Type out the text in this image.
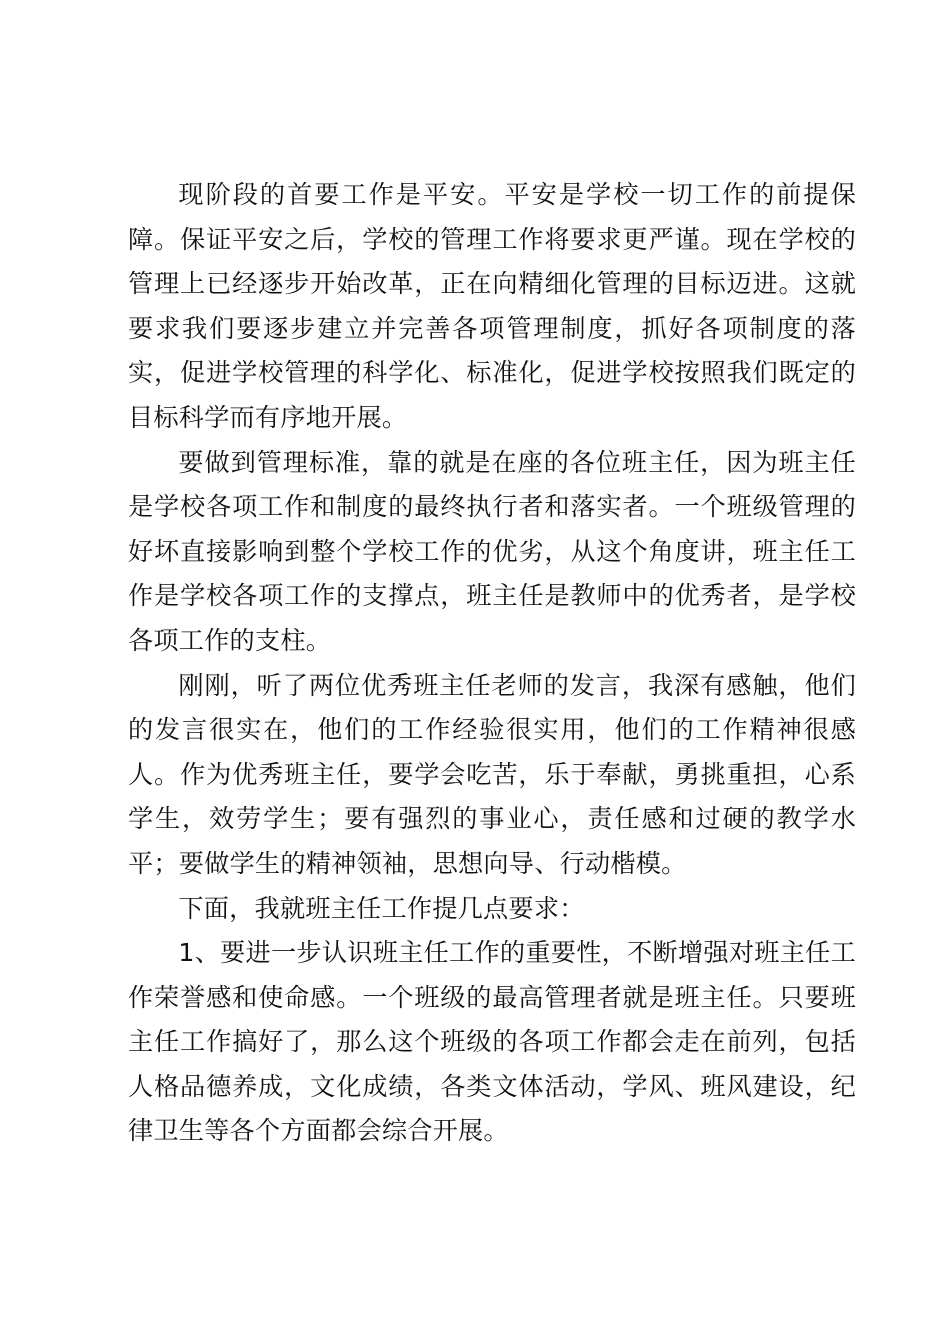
现阶段的首要工作是平安。平安是学校一切工作的前提保障。保证平安之后，学校的管理工作将要求更严谨。现在学校的管理上已经逐步开始改革，正在向精细化管理的目标迈进。这就要求我们要逐步建立并完善各项管理制度，抓好各项制度的落实，促进学校管理的科学化、标准化，促进学校按照我们既定的目标科学而有序地开展。

要做到管理标准，靠的就是在座的各位班主任，因为班主任是学校各项工作和制度的最终执行者和落实者。一个班级管理的好坏直接影响到整个学校工作的优劣，从这个角度讲，班主任工作是学校各项工作的支撑点，班主任是教师中的优秀者，是学校各项工作的支柱。

刚刚，听了两位优秀班主任老师的发言，我深有感触，他们的发言很实在，他们的工作经验很实用，他们的工作精神很感人。作为优秀班主任，要学会吃苦，乐于奉献，勇挑重担，心系学生，效劳学生；要有强烈的事业心，责任感和过硬的教学水平；要做学生的精神领袖，思想向导、行动楷模。

下面，我就班主任工作提几点要求：

1、要进一步认识班主任工作的重要性，不断增强对班主任工作荣誉感和使命感。一个班级的最高管理者就是班主任。只要班主任工作搞好了，那么这个班级的各项工作都会走在前列，包括人格品德养成，文化成绩，各类文体活动，学风、班风建设，纪律卫生等各个方面都会综合开展。
